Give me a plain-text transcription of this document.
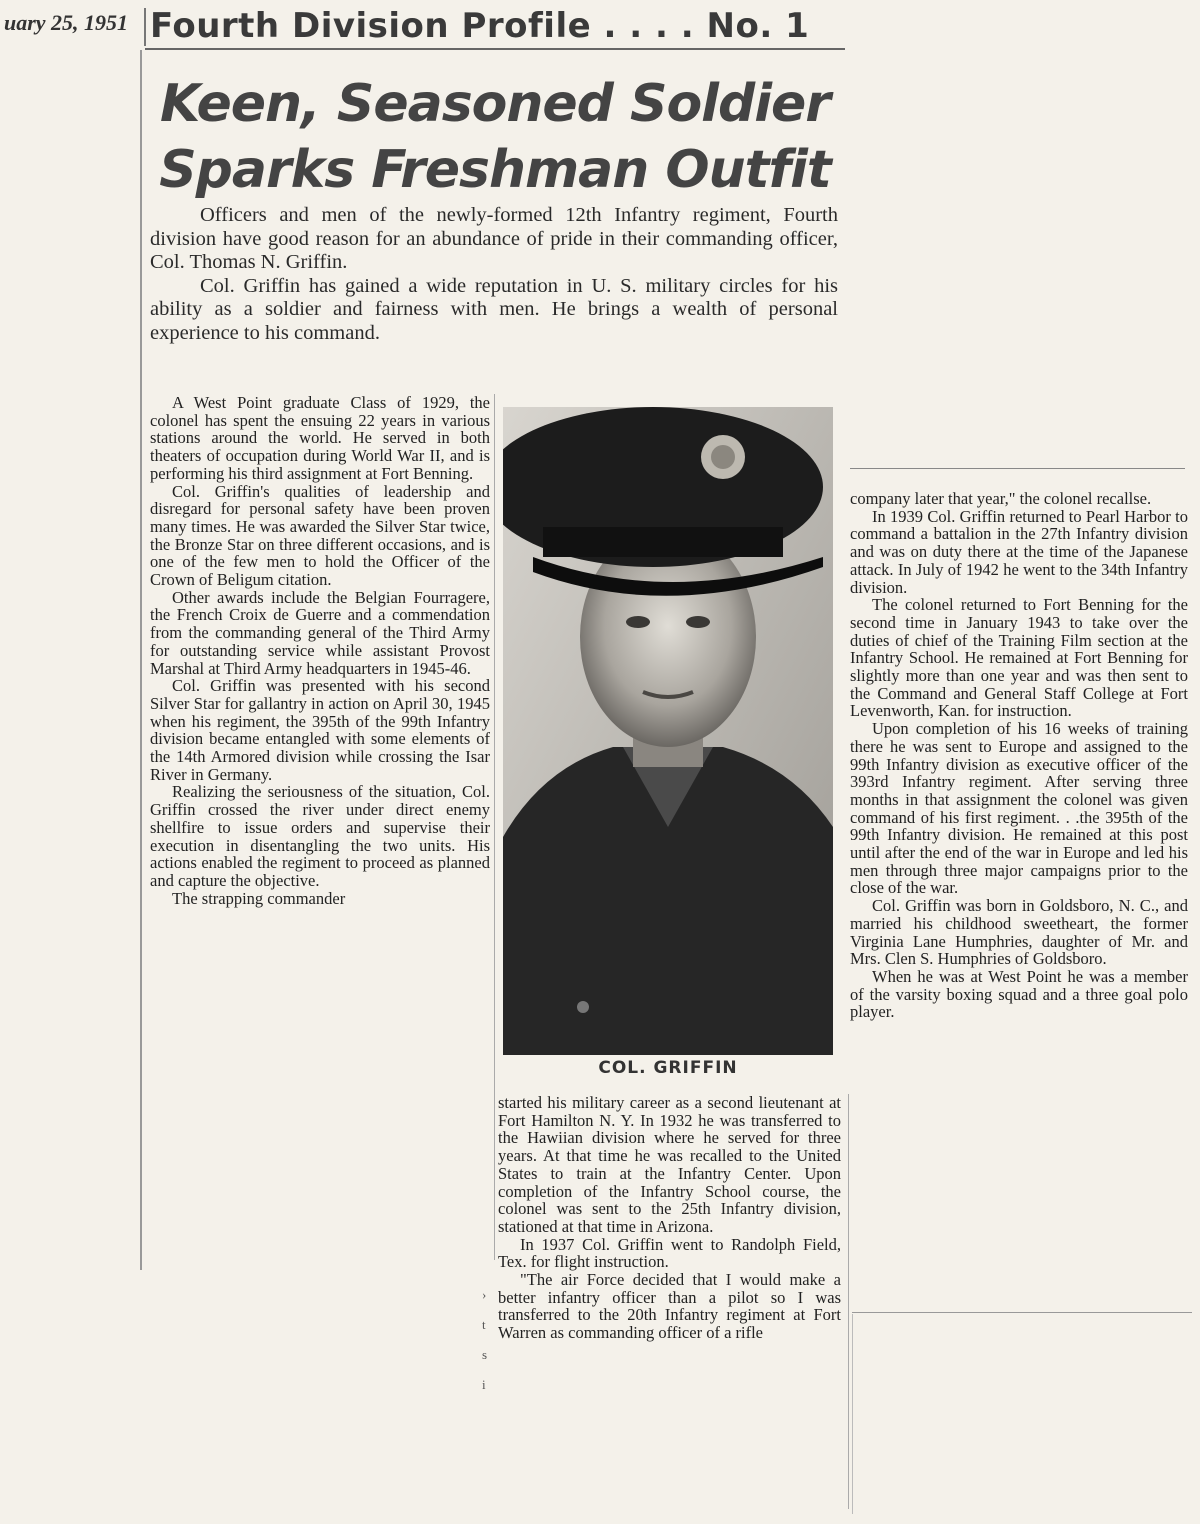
uary 25, 1951 Fourth Division Profile . . . . No. 1
Keen, Seasoned Soldier
Sparks Freshman Outfit

Officers and men of the newly-formed 12th Infantry regiment, Fourth division have good reason for an abundance of pride in their commanding officer, Col. Thomas N. Griffin.

Col. Griffin has gained a wide reputation in U. S. military circles for his ability as a soldier and fairness with men. He brings a wealth of personal experience to his command.

A West Point graduate Class of 1929, the colonel has spent the ensuing 22 years in various stations around the world. He served in both theaters of occupation during World War II, and is performing his third assignment at Fort Benning.

Col. Griffin's qualities of leadership and disregard for personal safety have been proven many times. He was awarded the Silver Star twice, the Bronze Star on three different occasions, and is one of the few men to hold the Officer of the Crown of Beligum citation.

Other awards include the Belgian Fourragere, the French Croix de Guerre and a commendation from the commanding general of the Third Army for outstanding service while assistant Provost Marshal at Third Army headquarters in 1945-46.

Col. Griffin was presented with his second Silver Star for gallantry in action on April 30, 1945 when his regiment, the 395th of the 99th Infantry division became entangled with some elements of the 14th Armored division while crossing the Isar River in Germany.

Realizing the seriousness of the situation, Col. Griffin crossed the river under direct enemy shellfire to issue orders and supervise their execution in disentangling the two units. His actions enabled the regiment to proceed as planned and capture the objective.

The strapping commander

COL. GRIFFIN

started his military career as a second lieutenant at Fort Hamilton N. Y. In 1932 he was transferred to the Hawiian division where he served for three years. At that time he was recalled to the United States to train at the Infantry Center. Upon completion of the Infantry School course, the colonel was sent to the 25th Infantry division, stationed at that time in Arizona.

In 1937 Col. Griffin went to Randolph Field, Tex. for flight instruction.

"The air Force decided that I would make a better infantry officer than a pilot so I was transferred to the 20th Infantry regiment at Fort Warren as commanding officer of a rifle

›
t
s
i

company later that year," the colonel recallse.

In 1939 Col. Griffin returned to Pearl Harbor to command a battalion in the 27th Infantry division and was on duty there at the time of the Japanese attack. In July of 1942 he went to the 34th Infantry division.

The colonel returned to Fort Benning for the second time in January 1943 to take over the duties of chief of the Training Film section at the Infantry School. He remained at Fort Benning for slightly more than one year and was then sent to the Command and General Staff College at Fort Levenworth, Kan. for instruction.

Upon completion of his 16 weeks of training there he was sent to Europe and assigned to the 99th Infantry division as executive officer of the 393rd Infantry regiment. After serving three months in that assignment the colonel was given command of his first regiment. . .the 395th of the 99th Infantry division. He remained at this post until after the end of the war in Europe and led his men through three major campaigns prior to the close of the war.

Col. Griffin was born in Goldsboro, N. C., and married his childhood sweetheart, the former Virginia Lane Humphries, daughter of Mr. and Mrs. Clen S. Humphries of Goldsboro.

When he was at West Point he was a member of the varsity boxing squad and a three goal polo player.
